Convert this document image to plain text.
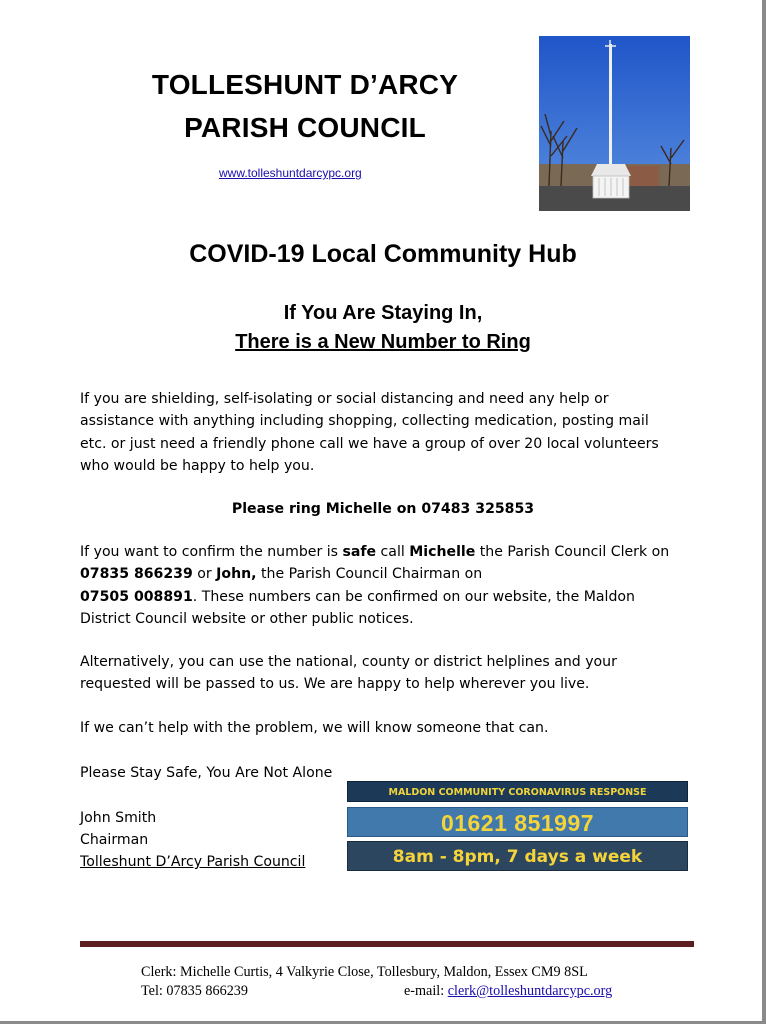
TOLLESHUNT D’ARCY
PARISH COUNCIL
www.tolleshuntdarcypc.org
COVID-19 Local Community Hub
If You Are Staying In,
There is a New Number to Ring
If you are shielding, self-isolating or social distancing and need any help or
assistance with anything including shopping, collecting medication, posting mail
etc. or just need a friendly phone call we have a group of over 20 local volunteers
who would be happy to help you.
Please ring Michelle on 07483 325853
If you want to confirm the number is safe call Michelle the Parish Council Clerk on
07835 866239 or John, the Parish Council Chairman on
07505 008891. These numbers can be confirmed on our website, the Maldon
District Council website or other public notices.
Alternatively, you can use the national, county or district helplines and your
requested will be passed to us. We are happy to help wherever you live.
If we can’t help with the problem, we will know someone that can.
Please Stay Safe, You Are Not Alone
John Smith
Chairman
Tolleshunt D’Arcy Parish Council
MALDON COMMUNITY CORONAVIRUS RESPONSE
01621 851997
8am - 8pm, 7 days a week
Clerk: Michelle Curtis, 4 Valkyrie Close, Tollesbury, Maldon, Essex CM9 8SL
Tel: 07835 866239	e-mail: clerk@tolleshuntdarcypc.org
